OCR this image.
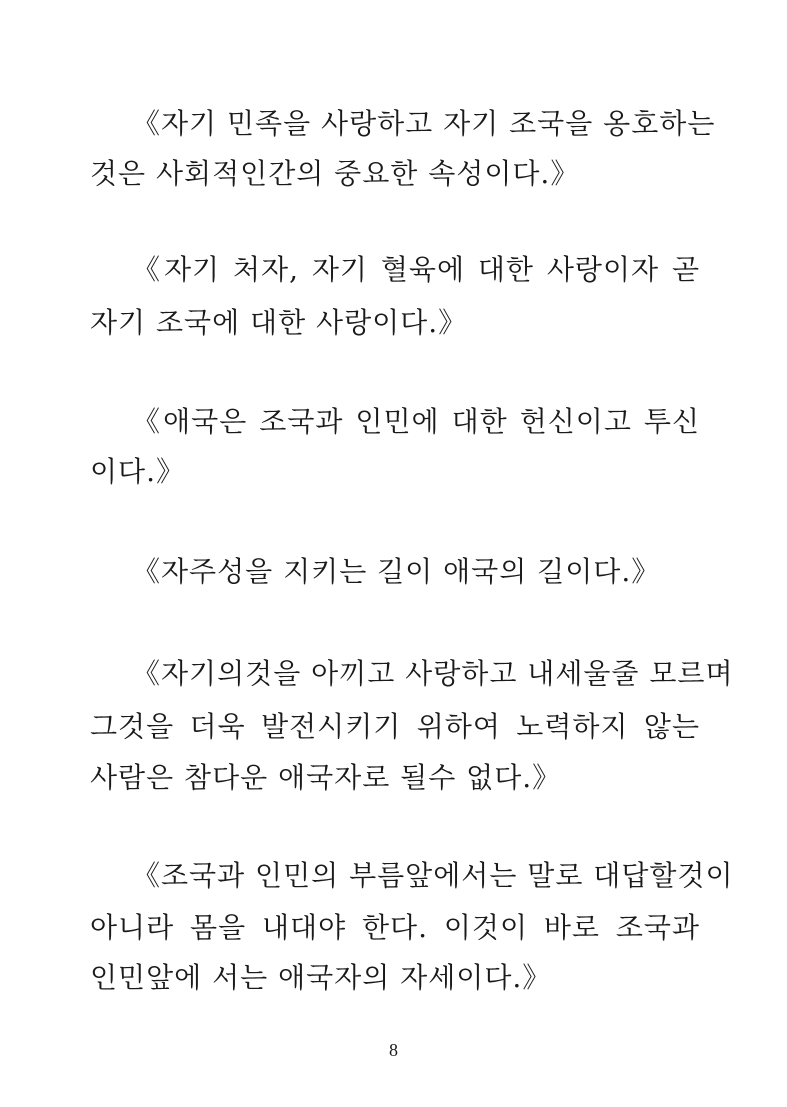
《자기 민족을 사랑하고 자기 조국을 옹호하는
것은 사회적인간의 중요한 속성이다.》
《자기 처자, 자기 혈육에 대한 사랑이자 곧
자기 조국에 대한 사랑이다.》
《애국은 조국과 인민에 대한 헌신이고 투신
이다.》
《자주성을 지키는 길이 애국의 길이다.》
《자기의것을 아끼고 사랑하고 내세울줄 모르며
그것을 더욱 발전시키기 위하여 노력하지 않는
사람은 참다운 애국자로 될수 없다.》
《조국과 인민의 부름앞에서는 말로 대답할것이
아니라 몸을 내대야 한다. 이것이 바로 조국과
인민앞에 서는 애국자의 자세이다.》
8
